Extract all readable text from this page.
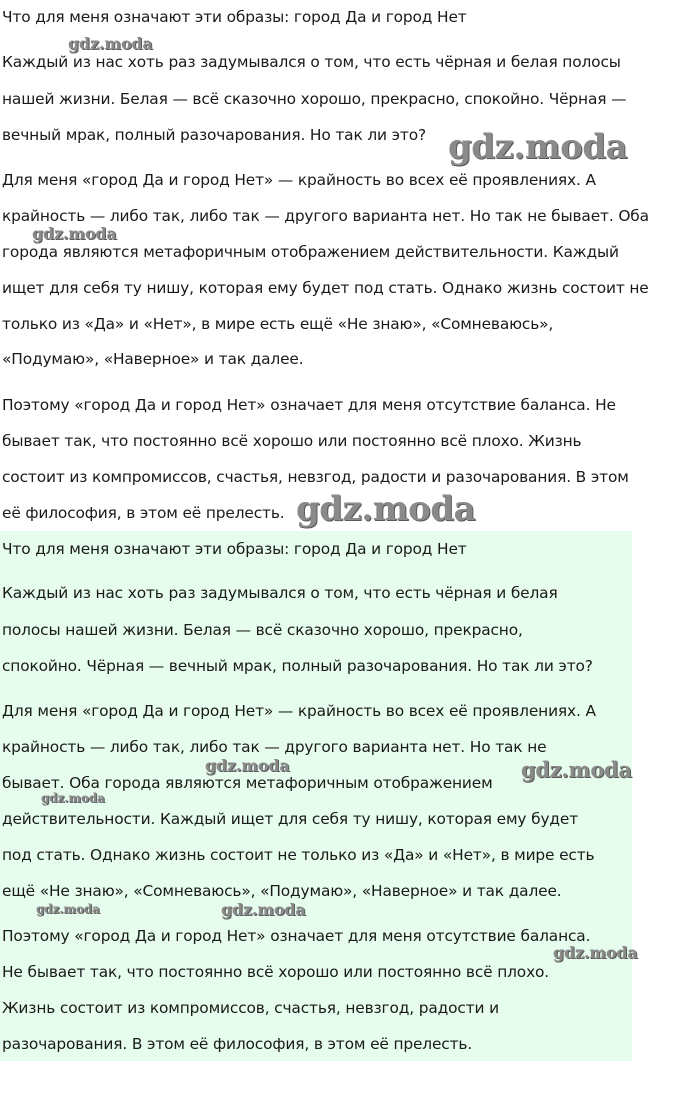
Что для меня означают эти образы: город Да и город Нет
Каждый из нас хоть раз задумывался о том, что есть чёрная и белая полосы
нашей жизни. Белая — всё сказочно хорошо, прекрасно, спокойно. Чёрная —
вечный мрак, полный разочарования. Но так ли это?
Для меня «город Да и город Нет» — крайность во всех её проявлениях. А
крайность — либо так, либо так — другого варианта нет. Но так не бывает. Оба
города являются метафоричным отображением действительности. Каждый
ищет для себя ту нишу, которая ему будет под стать. Однако жизнь состоит не
только из «Да» и «Нет», в мире есть ещё «Не знаю», «Сомневаюсь»,
«Подумаю», «Наверное» и так далее.
Поэтому «город Да и город Нет» означает для меня отсутствие баланса. Не
бывает так, что постоянно всё хорошо или постоянно всё плохо. Жизнь
состоит из компромиссов, счастья, невзгод, радости и разочарования. В этом
её философия, в этом её прелесть.
Что для меня означают эти образы: город Да и город Нет
Каждый из нас хоть раз задумывался о том, что есть чёрная и белая
полосы нашей жизни. Белая — всё сказочно хорошо, прекрасно,
спокойно. Чёрная — вечный мрак, полный разочарования. Но так ли это?
Для меня «город Да и город Нет» — крайность во всех её проявлениях. А
крайность — либо так, либо так — другого варианта нет. Но так не
бывает. Оба города являются метафоричным отображением
действительности. Каждый ищет для себя ту нишу, которая ему будет
под стать. Однако жизнь состоит не только из «Да» и «Нет», в мире есть
ещё «Не знаю», «Сомневаюсь», «Подумаю», «Наверное» и так далее.
Поэтому «город Да и город Нет» означает для меня отсутствие баланса.
Не бывает так, что постоянно всё хорошо или постоянно всё плохо.
Жизнь состоит из компромиссов, счастья, невзгод, радости и
разочарования. В этом её философия, в этом её прелесть.
gdz.moda
gdz.moda
gdz.moda
gdz.moda
gdz.moda	gdz.moda
gdz.moda
gdz.moda	gdz.moda
gdz.moda
